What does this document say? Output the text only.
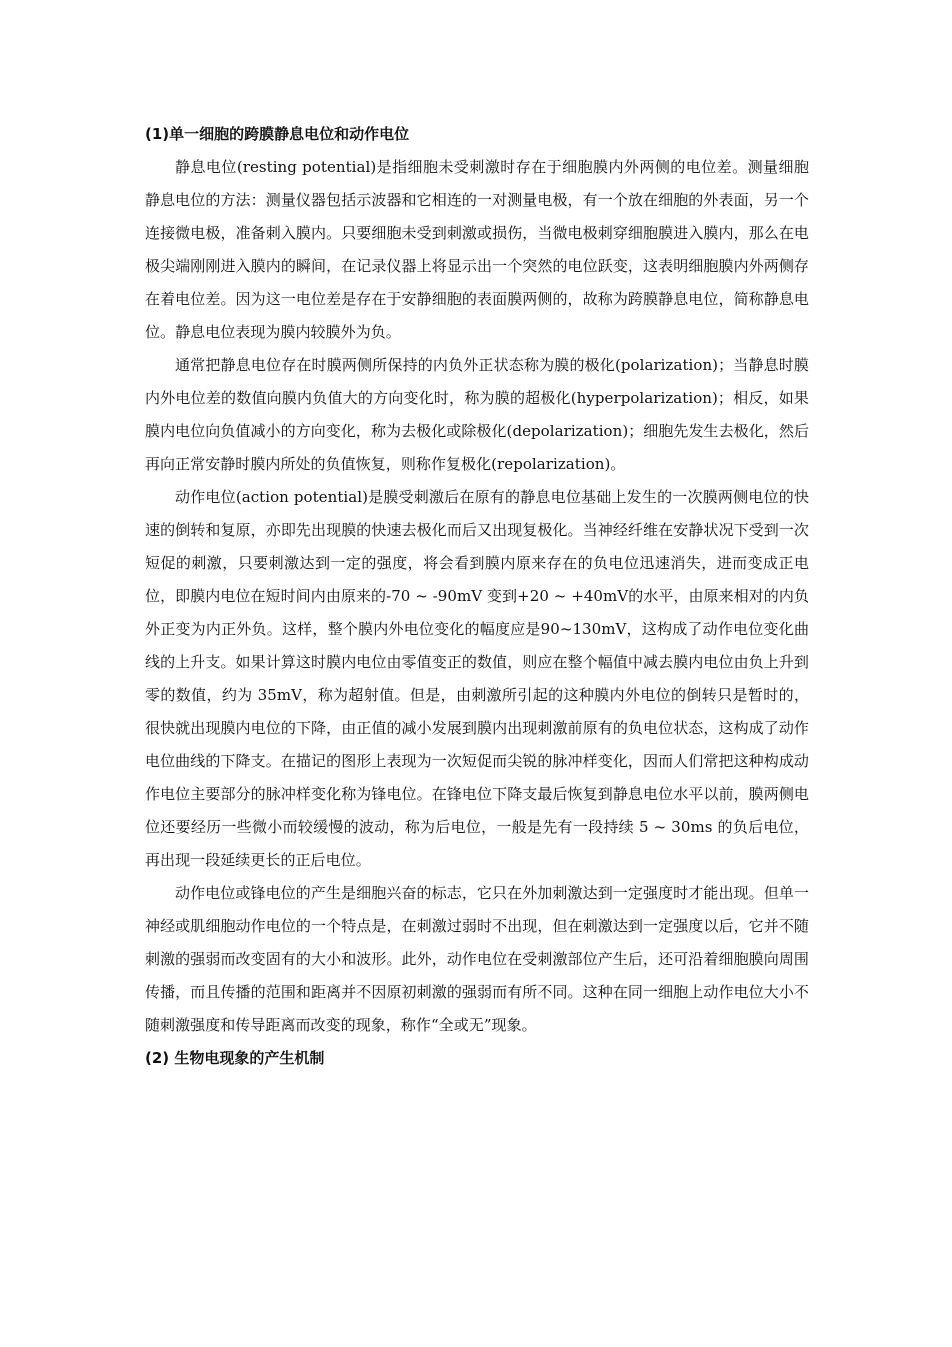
(1)单一细胞的跨膜静息电位和动作电位

静息电位(resting potential)是指细胞未受刺激时存在于细胞膜内外两侧的电位差。测量细胞静息电位的方法：测量仪器包括示波器和它相连的一对测量电极，有一个放在细胞的外表面，另一个连接微电极，准备刺入膜内。只要细胞未受到刺激或损伤，当微电极刺穿细胞膜进入膜内，那么在电极尖端刚刚进入膜内的瞬间，在记录仪器上将显示出一个突然的电位跃变，这表明细胞膜内外两侧存在着电位差。因为这一电位差是存在于安静细胞的表面膜两侧的，故称为跨膜静息电位，简称静息电位。静息电位表现为膜内较膜外为负。

通常把静息电位存在时膜两侧所保持的内负外正状态称为膜的极化(polarization)；当静息时膜内外电位差的数值向膜内负值大的方向变化时，称为膜的超极化(hyperpolarization)；相反，如果膜内电位向负值减小的方向变化，称为去极化或除极化(depolarization)；细胞先发生去极化，然后再向正常安静时膜内所处的负值恢复，则称作复极化(repolarization)。

动作电位(action potential)是膜受刺激后在原有的静息电位基础上发生的一次膜两侧电位的快速的倒转和复原，亦即先出现膜的快速去极化而后又出现复极化。当神经纤维在安静状况下受到一次短促的刺激，只要刺激达到一定的强度，将会看到膜内原来存在的负电位迅速消失，进而变成正电位，即膜内电位在短时间内由原来的-70 ~ -90mV 变到+20 ~ +40mV的水平，由原来相对的内负外正变为内正外负。这样，整个膜内外电位变化的幅度应是90~130mV，这构成了动作电位变化曲线的上升支。如果计算这时膜内电位由零值变正的数值，则应在整个幅值中减去膜内电位由负上升到零的数值，约为 35mV，称为超射值。但是，由刺激所引起的这种膜内外电位的倒转只是暂时的，很快就出现膜内电位的下降，由正值的减小发展到膜内出现刺激前原有的负电位状态，这构成了动作电位曲线的下降支。在描记的图形上表现为一次短促而尖锐的脉冲样变化，因而人们常把这种构成动作电位主要部分的脉冲样变化称为锋电位。在锋电位下降支最后恢复到静息电位水平以前，膜两侧电位还要经历一些微小而较缓慢的波动，称为后电位，一般是先有一段持续 5 ~ 30ms 的负后电位，再出现一段延续更长的正后电位。

动作电位或锋电位的产生是细胞兴奋的标志，它只在外加刺激达到一定强度时才能出现。但单一神经或肌细胞动作电位的一个特点是，在刺激过弱时不出现，但在刺激达到一定强度以后，它并不随刺激的强弱而改变固有的大小和波形。此外，动作电位在受刺激部位产生后，还可沿着细胞膜向周围传播，而且传播的范围和距离并不因原初刺激的强弱而有所不同。这种在同一细胞上动作电位大小不随刺激强度和传导距离而改变的现象，称作“全或无”现象。

(2) 生物电现象的产生机制
